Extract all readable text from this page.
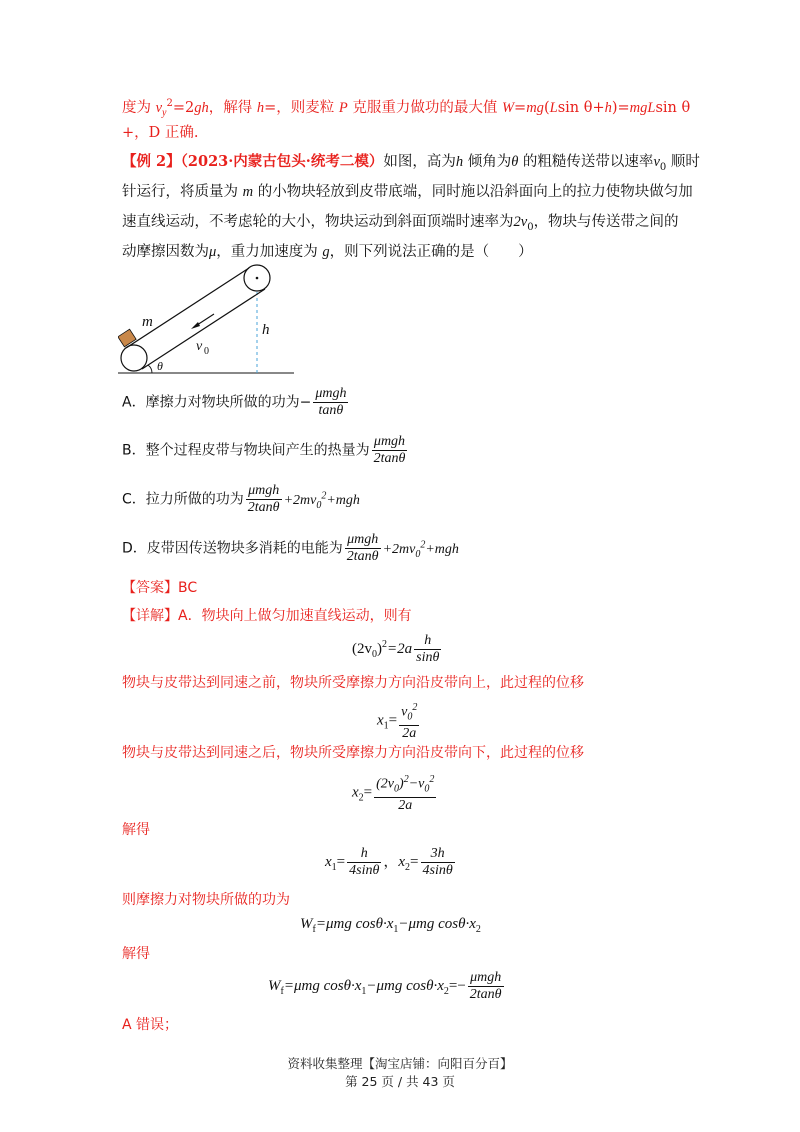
度为 $v_y^2=2gh$，解得 h=，则麦粒 P 克服重力做功的最大值 W=mg(Lsin θ+h)=mgLsin θ
+，D 正确.
【例 2】（2023·内蒙古包头·统考二模）如图，高为h 倾角为θ 的粗糙传送带以速率$v_0$ 顺时
针运行，将质量为 m 的小物块轻放到皮带底端，同时施以沿斜面向上的拉力使物块做匀加
速直线运动，不考虑轮的大小，物块运动到斜面顶端时速率为$2v_0$，物块与传送带之间的
动摩擦因数为μ，重力加速度为 g，则下列说法正确的是（　　）
m	h
v 0
θ
A．摩擦力对物块所做的功为− $\frac{\text{μmgh}}{\tan\theta}$
B．整个过程皮带与物块间产生的热量为 $\frac{\text{μmgh}}{2\tan\theta}$
C．拉力所做的功为 $\frac{\text{μmgh}}{2\tan\theta} +2mv_0^2+mgh$
D．皮带因传送物块多消耗的电能为 $\frac{\text{μmgh}}{2\tan\theta} +2mv_0^2+mgh$
【答案】BC
【详解】A．物块向上做匀加速直线运动，则有
$(2v_0)^2=2a \frac{h}{\sin\theta}$
物块与皮带达到同速之前，物块所受摩擦力方向沿皮带向上，此过程的位移
$x_1= \frac{v_0^2}{2a}$
物块与皮带达到同速之后，物块所受摩擦力方向沿皮带向下，此过程的位移
$x_2= \frac{(2v_0)^2-v_0^2}{2a}$
解得
$x_1= \frac{h}{4\sin\theta}$ ，$x_2= \frac{3h}{4\sin\theta}$
则摩擦力对物块所做的功为
$W_f=\mu mg$ $\cos\theta\cdot x_1-\mu mg$ $\cos\theta\cdot x_2$
解得
$W_f=\mu mg$ $\cos\theta\cdot x_1-\mu mg$ $\cos\theta\cdot x_2=- \frac{\text{μmgh}}{2\tan\theta}$
A 错误；
资料收集整理【淘宝店铺：向阳百分百】
第 25 页 / 共 43 页
